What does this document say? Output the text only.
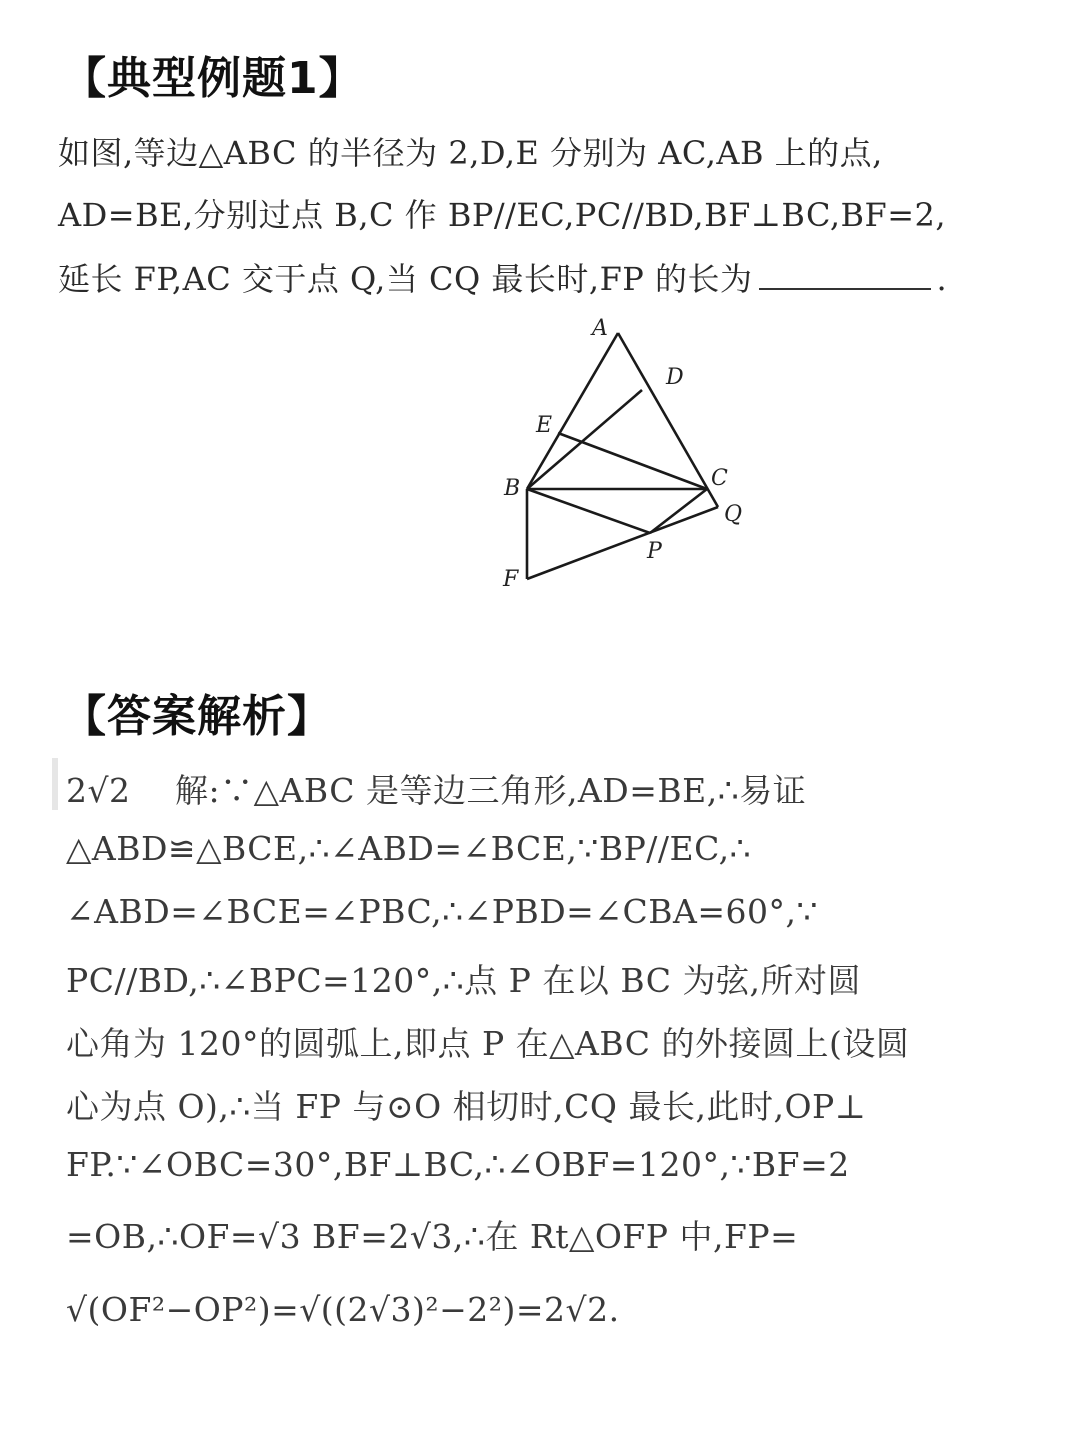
【典型例题1】
如图,等边△ABC 的半径为 2,D,E 分别为 AC,AB 上的点,
AD=BE,分别过点 B,C 作 BP//EC,PC//BD,BF⊥BC,BF=2,
延长 FP,AC 交于点 Q,当 CQ 最长时,FP 的长为	.
A
D
E
B	C
Q
P
F
【答案解析】
2√2　 解:∵△ABC 是等边三角形,AD=BE,∴易证
△ABD≌△BCE,∴∠ABD=∠BCE,∵BP//EC,∴
∠ABD=∠BCE=∠PBC,∴∠PBD=∠CBA=60°,∵
PC//BD,∴∠BPC=120°,∴点 P 在以 BC 为弦,所对圆
心角为 120°的圆弧上,即点 P 在△ABC 的外接圆上(设圆
心为点 O),∴当 FP 与⊙O 相切时,CQ 最长,此时,OP⊥
FP.∵∠OBC=30°,BF⊥BC,∴∠OBF=120°,∵BF=2
=OB,∴OF=√3 BF=2√3,∴在 Rt△OFP 中,FP=
√(OF²−OP²)=√((2√3)²−2²)=2√2.
